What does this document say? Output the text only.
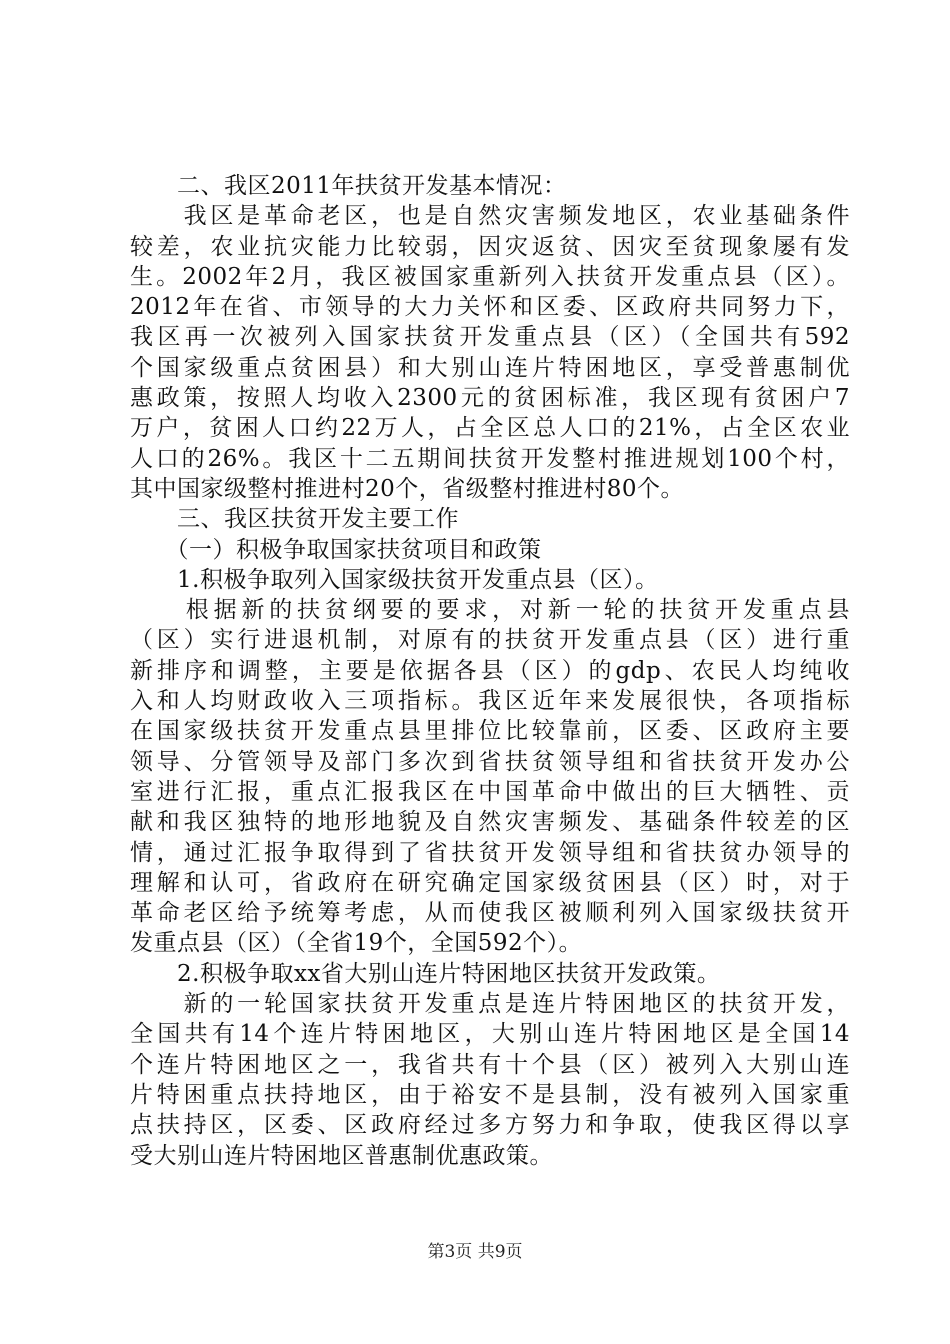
　　二、我区2011年扶贫开发基本情况：
　　我区是革命老区，也是自然灾害频发地区，农业基础条件
较差，农业抗灾能力比较弱，因灾返贫、因灾至贫现象屡有发
生。2002年2月，我区被国家重新列入扶贫开发重点县（区）。
2012年在省、市领导的大力关怀和区委、区政府共同努力下，
我区再一次被列入国家扶贫开发重点县（区）（全国共有592
个国家级重点贫困县）和大别山连片特困地区，享受普惠制优
惠政策，按照人均收入2300元的贫困标准，我区现有贫困户7
万户，贫困人口约22万人，占全区总人口的21%，占全区农业
人口的26%。我区十二五期间扶贫开发整村推进规划100个村，
其中国家级整村推进村20个，省级整村推进村80个。
　　三、我区扶贫开发主要工作
　　（一）积极争取国家扶贫项目和政策
　　1.积极争取列入国家级扶贫开发重点县（区）。
　　根据新的扶贫纲要的要求，对新一轮的扶贫开发重点县
（区）实行进退机制，对原有的扶贫开发重点县（区）进行重
新排序和调整，主要是依据各县（区）的gdp、农民人均纯收
入和人均财政收入三项指标。我区近年来发展很快，各项指标
在国家级扶贫开发重点县里排位比较靠前，区委、区政府主要
领导、分管领导及部门多次到省扶贫领导组和省扶贫开发办公
室进行汇报，重点汇报我区在中国革命中做出的巨大牺牲、贡
献和我区独特的地形地貌及自然灾害频发、基础条件较差的区
情，通过汇报争取得到了省扶贫开发领导组和省扶贫办领导的
理解和认可，省政府在研究确定国家级贫困县（区）时，对于
革命老区给予统筹考虑，从而使我区被顺利列入国家级扶贫开
发重点县（区）（全省19个，全国592个）。
　　2.积极争取xx省大别山连片特困地区扶贫开发政策。
　　新的一轮国家扶贫开发重点是连片特困地区的扶贫开发，
全国共有14个连片特困地区，大别山连片特困地区是全国14
个连片特困地区之一，我省共有十个县（区）被列入大别山连
片特困重点扶持地区，由于裕安不是县制，没有被列入国家重
点扶持区，区委、区政府经过多方努力和争取，使我区得以享
受大别山连片特困地区普惠制优惠政策。
第3页 共9页
